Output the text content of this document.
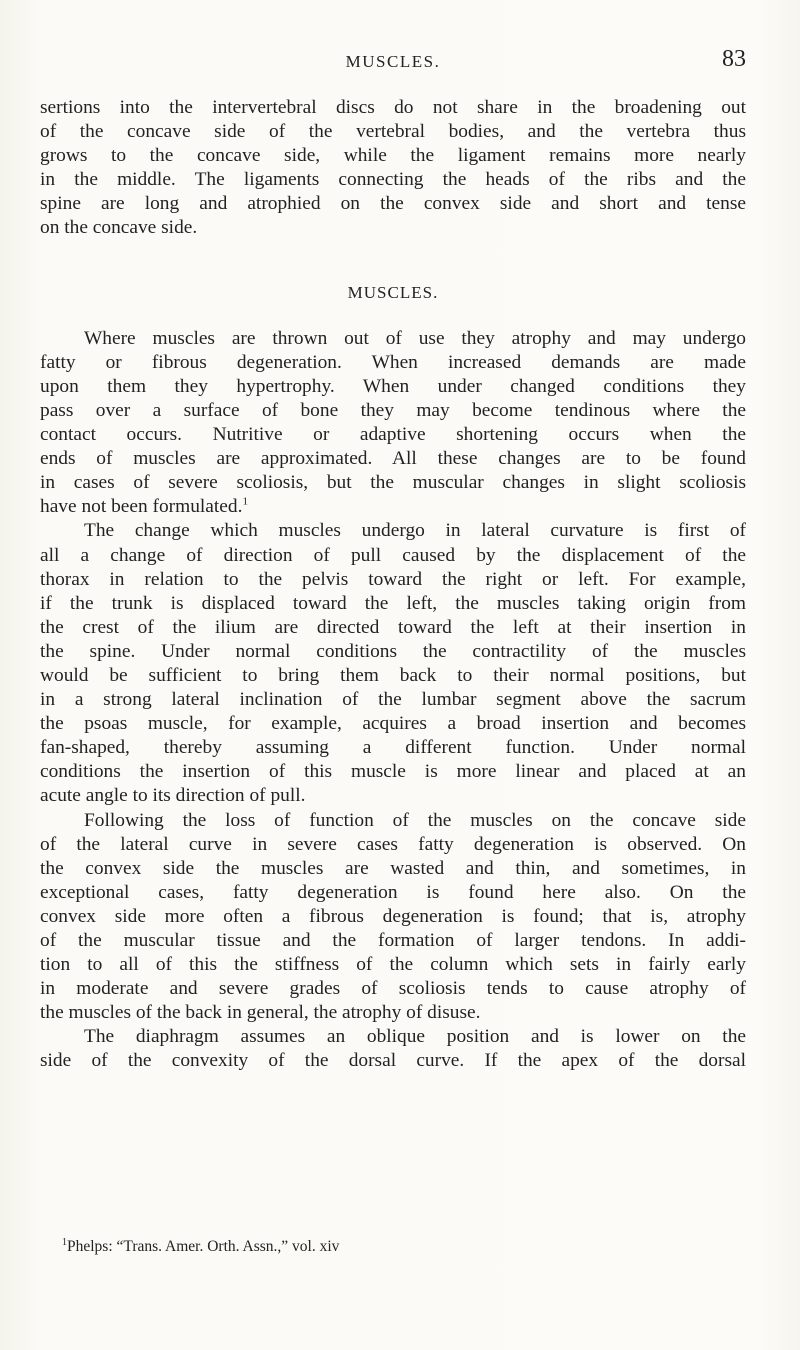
MUSCLES.	83
sertions into the intervertebral discs do not share in the broadening out
of the concave side of the vertebral bodies, and the vertebra thus
grows to the concave side, while the ligament remains more nearly
in the middle. The ligaments connecting the heads of the ribs and the
spine are long and atrophied on the convex side and short and tense
on the concave side.
MUSCLES.
Where muscles are thrown out of use they atrophy and may undergo
fatty or fibrous degeneration. When increased demands are made
upon them they hypertrophy. When under changed conditions they
pass over a surface of bone they may become tendinous where the
contact occurs. Nutritive or adaptive shortening occurs when the
ends of muscles are approximated. All these changes are to be found
in cases of severe scoliosis, but the muscular changes in slight scoliosis
have not been formulated.$^1$
The change which muscles undergo in lateral curvature is first of
all a change of direction of pull caused by the displacement of the
thorax in relation to the pelvis toward the right or left. For example,
if the trunk is displaced toward the left, the muscles taking origin from
the crest of the ilium are directed toward the left at their insertion in
the spine. Under normal conditions the contractility of the muscles
would be sufficient to bring them back to their normal positions, but
in a strong lateral inclination of the lumbar segment above the sacrum
the psoas muscle, for example, acquires a broad insertion and becomes
fan-shaped, thereby assuming a different function. Under normal
conditions the insertion of this muscle is more linear and placed at an
acute angle to its direction of pull.
Following the loss of function of the muscles on the concave side
of the lateral curve in severe cases fatty degeneration is observed. On
the convex side the muscles are wasted and thin, and sometimes, in
exceptional cases, fatty degeneration is found here also. On the
convex side more often a fibrous degeneration is found; that is, atrophy
of the muscular tissue and the formation of larger tendons. In addi-
tion to all of this the stiffness of the column which sets in fairly early
in moderate and severe grades of scoliosis tends to cause atrophy of
the muscles of the back in general, the atrophy of disuse.
The diaphragm assumes an oblique position and is lower on the
side of the convexity of the dorsal curve. If the apex of the dorsal
$^1$Phelps: “Trans. Amer. Orth. Assn.,” vol. xiv
